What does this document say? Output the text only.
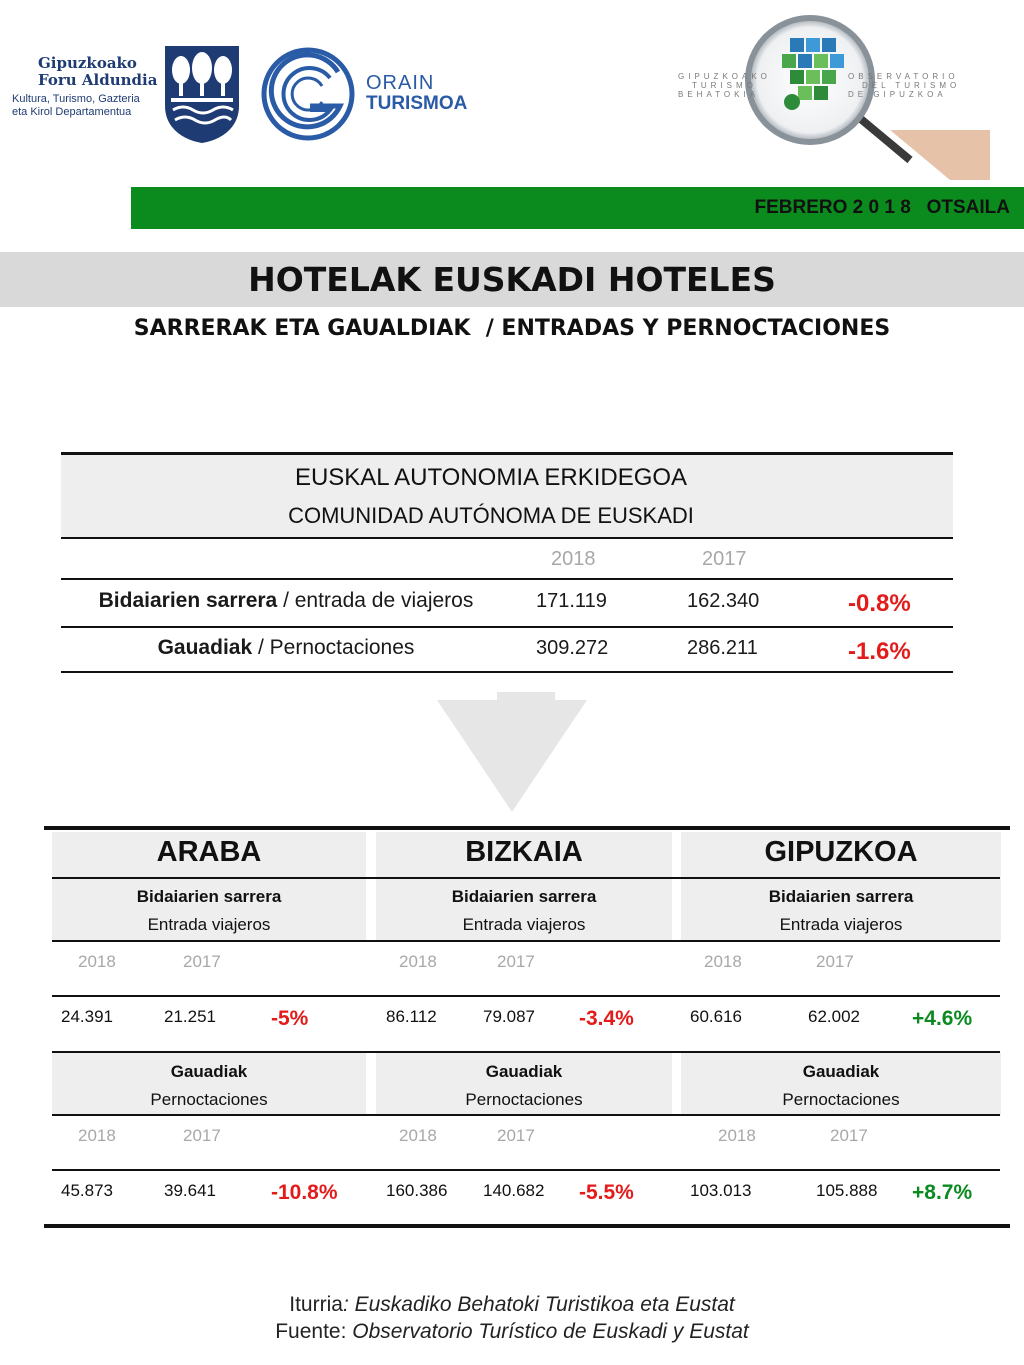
Gipuzkoako
Foru Aldundia
Kultura, Turismo, Gazteria
eta Kirol Departamentua
ORAIN
TURISMOA
GIPUZKOAKO
TURISMO
BEHATOKIA
OBSERVATORIO
DEL TURISMO
DE GIPUZKOA
FEBRERO 2 0 1 8   OTSAILA
HOTELAK EUSKADI HOTELES
SARRERAK ETA GAUALDIAK  / ENTRADAS Y PERNOCTACIONES
EUSKAL AUTONOMIA ERKIDEGOA
COMUNIDAD AUTÓNOMA DE EUSKADI
2018	2017
Bidaiarien sarrera / entrada de viajeros	171.119	162.340	-0.8%
Gauadiak / Pernoctaciones	309.272	286.211	-1.6%
ARABA	BIZKAIA	GIPUZKOA
Bidaiarien sarrera
Entrada viajeros
Bidaiarien sarrera
Entrada viajeros
Bidaiarien sarrera
Entrada viajeros
2018	2017	2018	2017	2018	2017
24.391	21.251	-5%	86.112	79.087 -3.4%	60.616	62.002 +4.6%
Gauadiak
Pernoctaciones
Gauadiak
Pernoctaciones
Gauadiak
Pernoctaciones
2018	2017	2018	2017	2018	2017
45.873	39.641	-10.8%	160.386 140.682 -5.5%	103.013	105.888 +8.7%
Iturria: Euskadiko Behatoki Turistikoa eta Eustat
Fuente: Observatorio Turístico de Euskadi y Eustat
